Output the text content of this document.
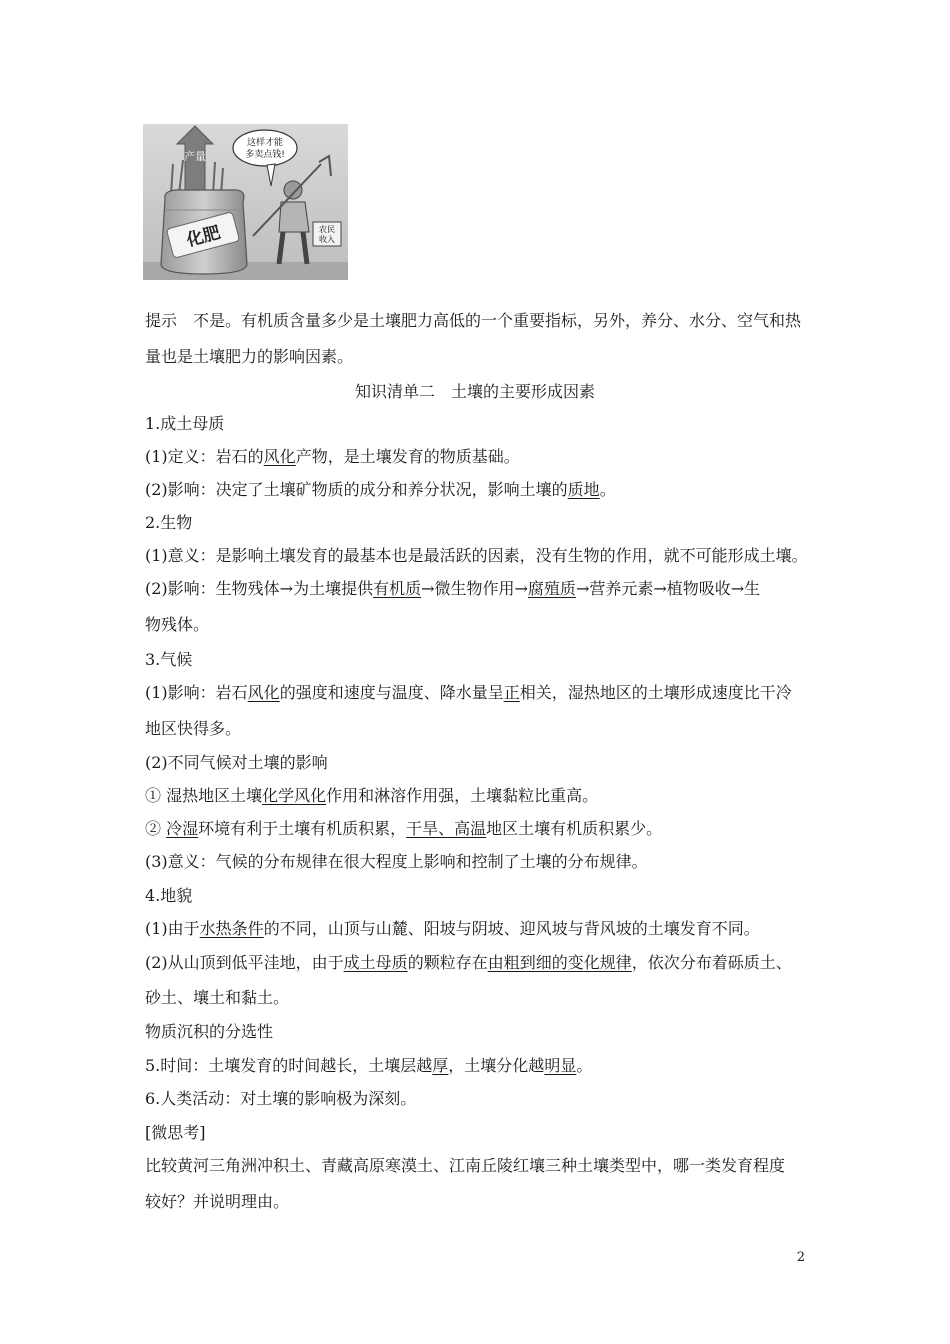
产量
化肥
这样才能
多卖点钱!
农民
收入
提示　不是。有机质含量多少是土壤肥力高低的一个重要指标，另外，养分、水分、空气和热
量也是土壤肥力的影响因素。
知识清单二　土壤的主要形成因素
1.成土母质
(1)定义：岩石的风化产物，是土壤发育的物质基础。
(2)影响：决定了土壤矿物质的成分和养分状况，影响土壤的质地。
2.生物
(1)意义：是影响土壤发育的最基本也是最活跃的因素，没有生物的作用，就不可能形成土壤。
(2)影响：生物残体→为土壤提供有机质→微生物作用→腐殖质→营养元素→植物吸收→生
物残体。
3.气候
(1)影响：岩石风化的强度和速度与温度、降水量呈正相关，湿热地区的土壤形成速度比干冷
地区快得多。
(2)不同气候对土壤的影响
① 湿热地区土壤化学风化作用和淋溶作用强，土壤黏粒比重高。
② 冷湿环境有利于土壤有机质积累，干旱、高温地区土壤有机质积累少。
(3)意义：气候的分布规律在很大程度上影响和控制了土壤的分布规律。
4.地貌
(1)由于水热条件的不同，山顶与山麓、阳坡与阴坡、迎风坡与背风坡的土壤发育不同。
(2)从山顶到低平洼地，由于成土母质的颗粒存在由粗到细的变化规律，依次分布着砾质土、
砂土、壤土和黏土。
物质沉积的分选性
5.时间：土壤发育的时间越长，土壤层越厚，土壤分化越明显。
6.人类活动：对土壤的影响极为深刻。
[微思考]
比较黄河三角洲冲积土、青藏高原寒漠土、江南丘陵红壤三种土壤类型中，哪一类发育程度
较好？并说明理由。
2
